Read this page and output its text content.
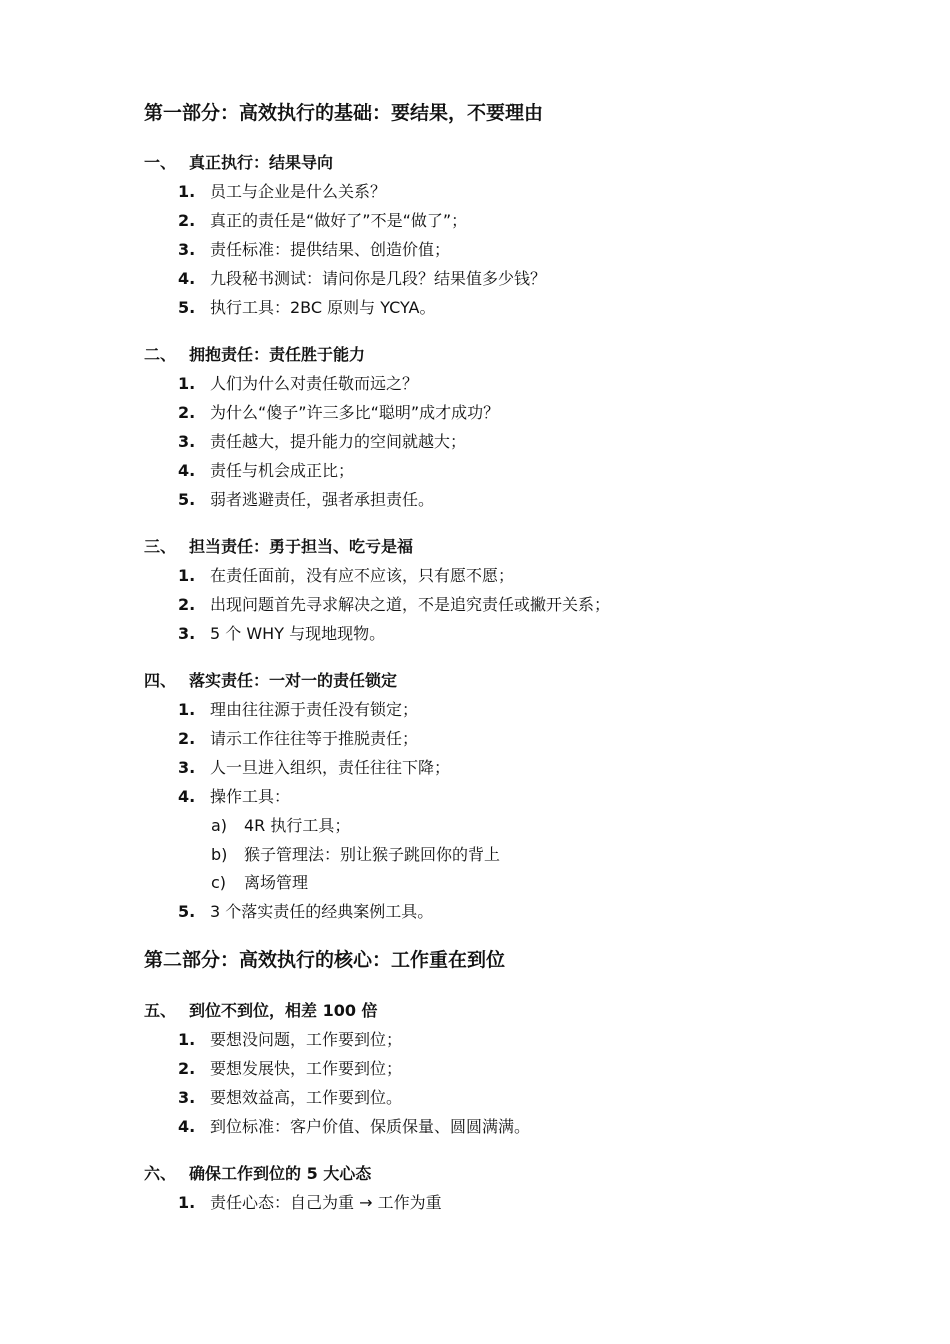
第一部分：高效执行的基础：要结果，不要理由
一、 真正执行：结果导向
1. 员工与企业是什么关系？
2. 真正的责任是“做好了”不是“做了”；
3. 责任标准：提供结果、创造价值；
4. 九段秘书测试：请问你是几段？结果值多少钱？
5. 执行工具：2BC 原则与 YCYA。
二、 拥抱责任：责任胜于能力
1. 人们为什么对责任敬而远之？
2. 为什么“傻子”许三多比“聪明”成才成功？
3. 责任越大，提升能力的空间就越大；
4. 责任与机会成正比；
5. 弱者逃避责任，强者承担责任。
三、 担当责任：勇于担当、吃亏是福
1. 在责任面前，没有应不应该，只有愿不愿；
2. 出现问题首先寻求解决之道，不是追究责任或撇开关系；
3. 5 个 WHY 与现地现物。
四、 落实责任：一对一的责任锁定
1. 理由往往源于责任没有锁定；
2. 请示工作往往等于推脱责任；
3. 人一旦进入组织，责任往往下降；
4. 操作工具：
a) 4R 执行工具；
b) 猴子管理法：别让猴子跳回你的背上
c) 离场管理
5. 3 个落实责任的经典案例工具。
第二部分：高效执行的核心：工作重在到位
五、 到位不到位，相差 100 倍
1. 要想没问题，工作要到位；
2. 要想发展快，工作要到位；
3. 要想效益高，工作要到位。
4. 到位标准：客户价值、保质保量、圆圆满满。
六、 确保工作到位的 5 大心态
1. 责任心态：自己为重 → 工作为重
